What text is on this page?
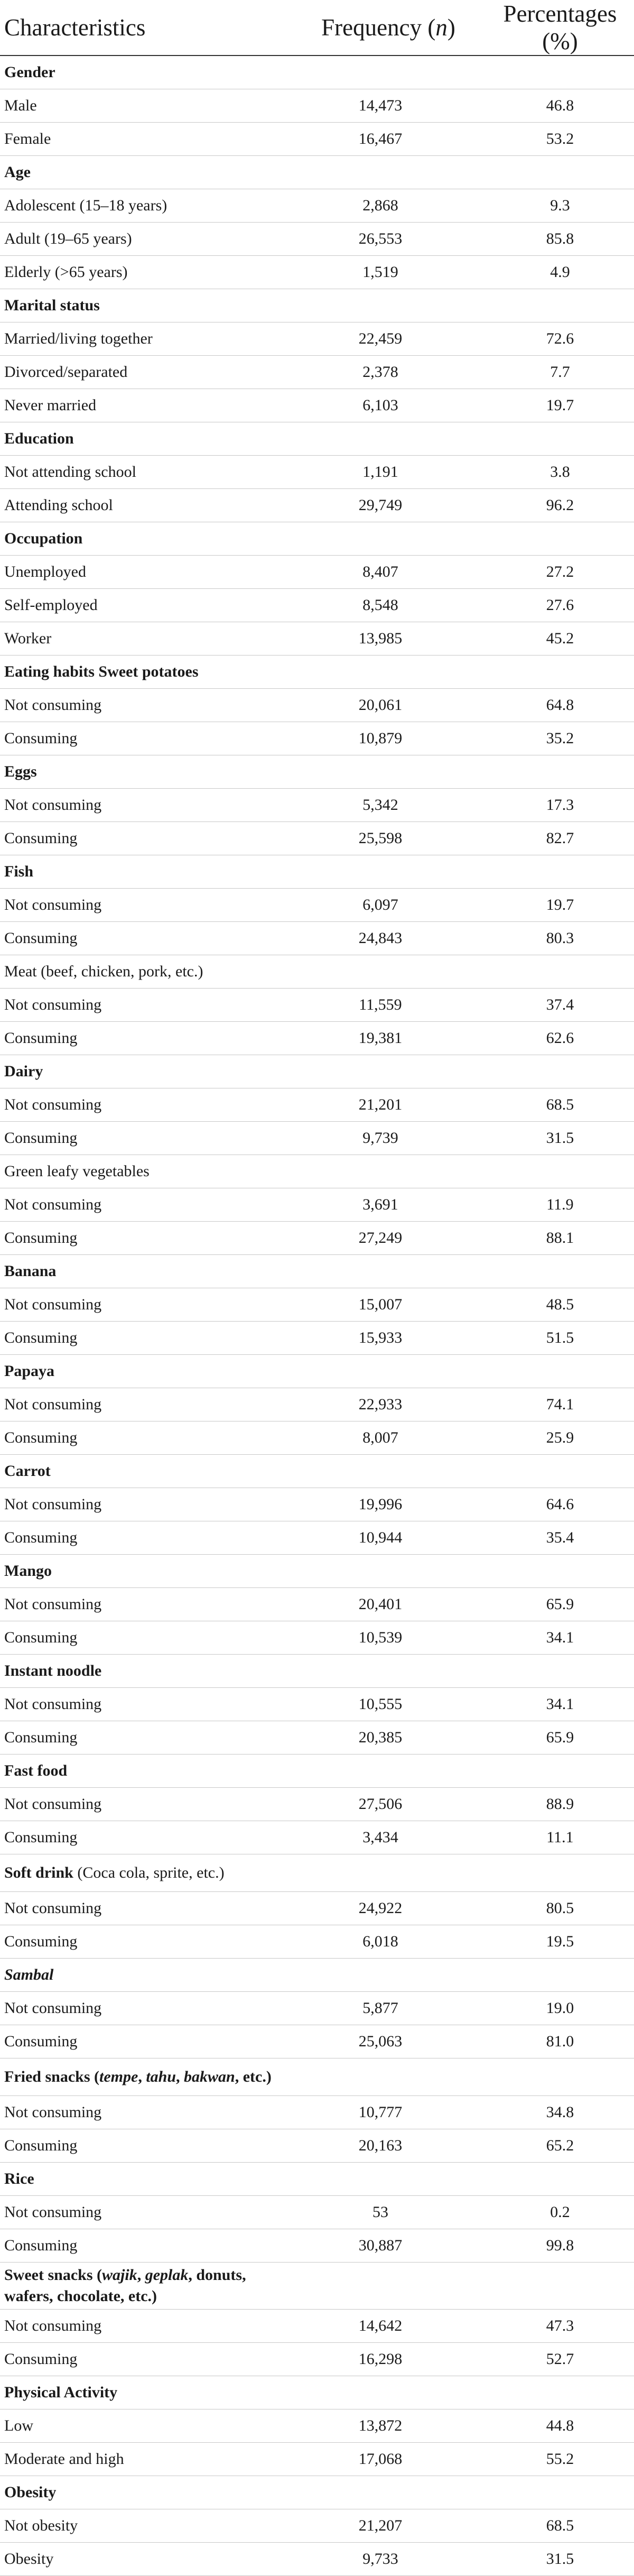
Characteristics	Frequency (n)	Percentages (%)
Gender		
Male	14,473	46.8
Female	16,467	53.2
Age		
Adolescent (15–18 years)	2,868	9.3
Adult (19–65 years)	26,553	85.8
Elderly (>65 years)	1,519	4.9
Marital status		
Married/living together	22,459	72.6
Divorced/separated	2,378	7.7
Never married	6,103	19.7
Education		
Not attending school	1,191	3.8
Attending school	29,749	96.2
Occupation		
Unemployed	8,407	27.2
Self-employed	8,548	27.6
Worker	13,985	45.2
Eating habits Sweet potatoes		
Not consuming	20,061	64.8
Consuming	10,879	35.2
Eggs		
Not consuming	5,342	17.3
Consuming	25,598	82.7
Fish		
Not consuming	6,097	19.7
Consuming	24,843	80.3
Meat (beef, chicken, pork, etc.)		
Not consuming	11,559	37.4
Consuming	19,381	62.6
Dairy		
Not consuming	21,201	68.5
Consuming	9,739	31.5
Green leafy vegetables		
Not consuming	3,691	11.9
Consuming	27,249	88.1
Banana		
Not consuming	15,007	48.5
Consuming	15,933	51.5
Papaya		
Not consuming	22,933	74.1
Consuming	8,007	25.9
Carrot		
Not consuming	19,996	64.6
Consuming	10,944	35.4
Mango		
Not consuming	20,401	65.9
Consuming	10,539	34.1
Instant noodle		
Not consuming	10,555	34.1
Consuming	20,385	65.9
Fast food		
Not consuming	27,506	88.9
Consuming	3,434	11.1
Soft drink (Coca cola, sprite, etc.)		
Not consuming	24,922	80.5
Consuming	6,018	19.5
Sambal		
Not consuming	5,877	19.0
Consuming	25,063	81.0
Fried snacks (tempe, tahu, bakwan, etc.)		
Not consuming	10,777	34.8
Consuming	20,163	65.2
Rice		
Not consuming	53	0.2
Consuming	30,887	99.8
Sweet snacks (wajik, geplak, donuts, wafers, chocolate, etc.)		
Not consuming	14,642	47.3
Consuming	16,298	52.7
Physical Activity		
Low	13,872	44.8
Moderate and high	17,068	55.2
Obesity		
Not obesity	21,207	68.5
Obesity	9,733	31.5
